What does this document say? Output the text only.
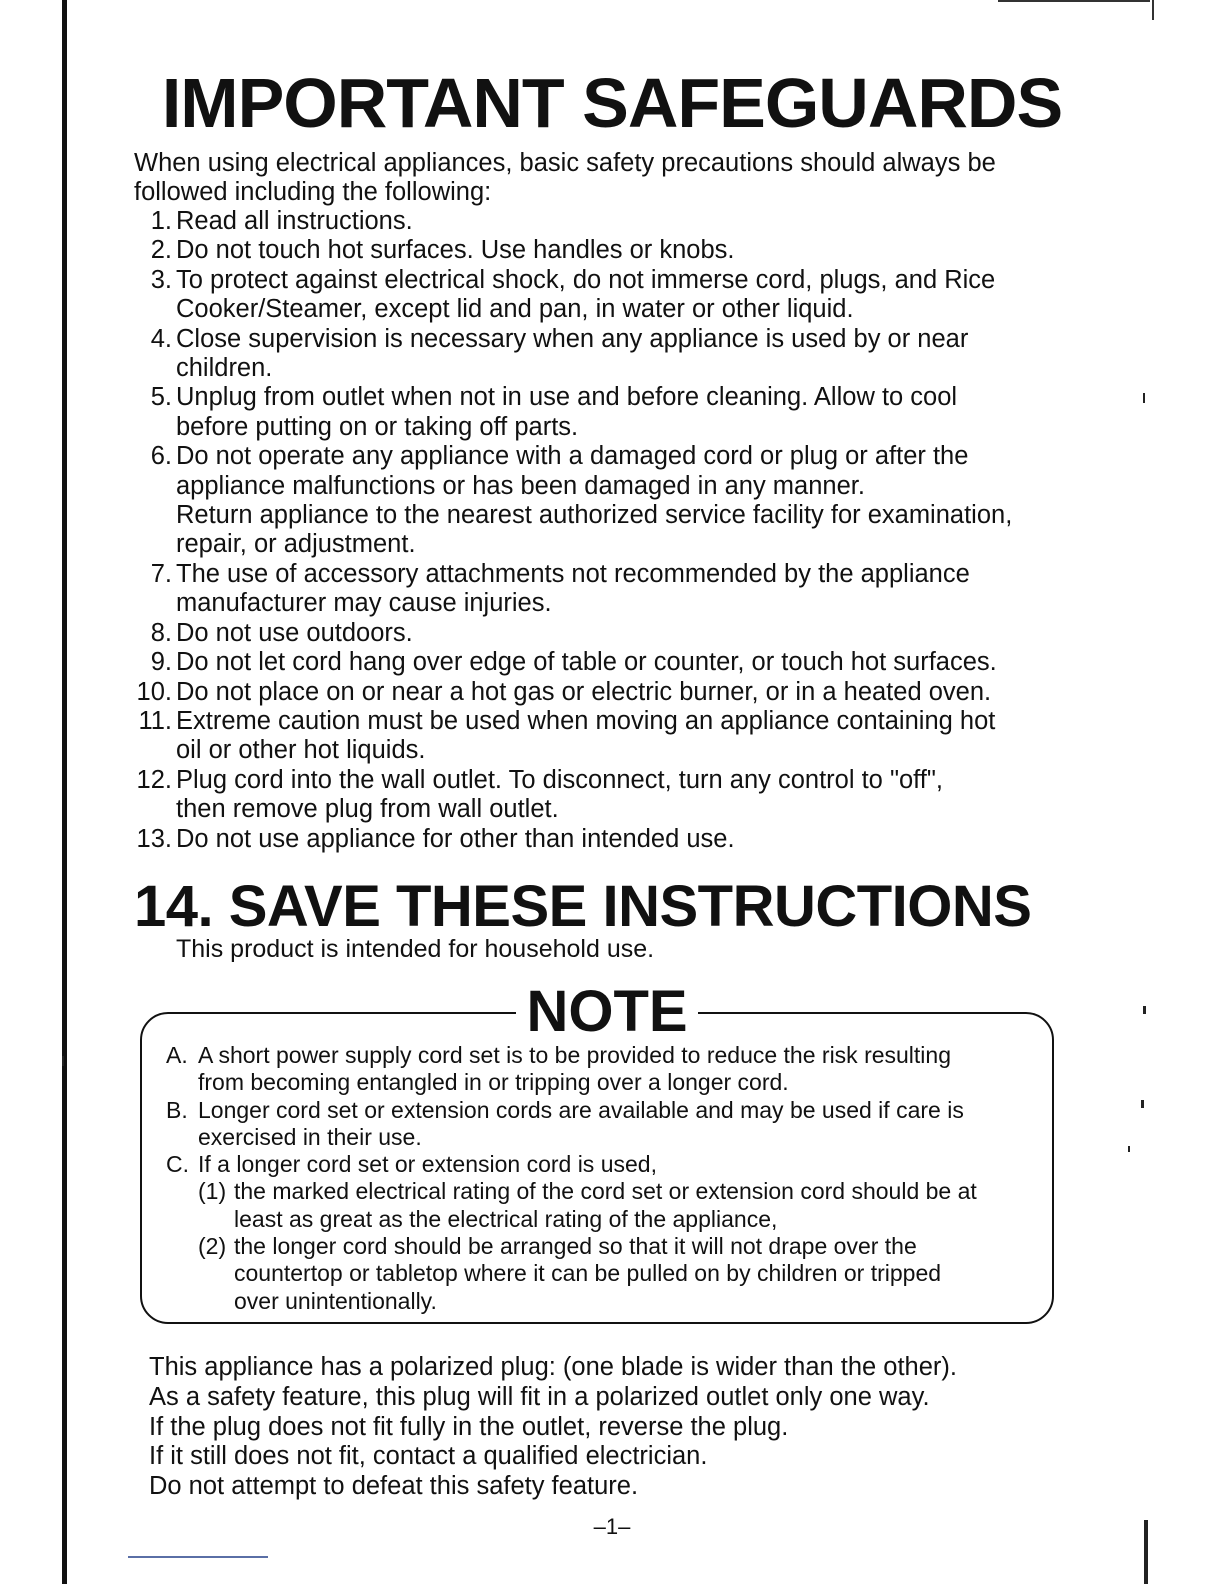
IMPORTANT SAFEGUARDS

When using electrical appliances, basic safety precautions should always be followed including the following:

1. Read all instructions.
2. Do not touch hot surfaces. Use handles or knobs.
3. To protect against electrical shock, do not immerse cord, plugs, and Rice
Cooker/Steamer, except lid and pan, in water or other liquid.
4. Close supervision is necessary when any appliance is used by or near
children.
5. Unplug from outlet when not in use and before cleaning. Allow to cool
before putting on or taking off parts.
6. Do not operate any appliance with a damaged cord or plug or after the
appliance malfunctions or has been damaged in any manner.
Return appliance to the nearest authorized service facility for examination,
repair, or adjustment.
7. The use of accessory attachments not recommended by the appliance
manufacturer may cause injuries.
8. Do not use outdoors.
9. Do not let cord hang over edge of table or counter, or touch hot surfaces.
10. Do not place on or near a hot gas or electric burner, or in a heated oven.
11. Extreme caution must be used when moving an appliance containing hot
oil or other hot liquids.
12. Plug cord into the wall outlet. To disconnect, turn any control to "off",
then remove plug from wall outlet.
13. Do not use appliance for other than intended use.
14. SAVE THESE INSTRUCTIONS

This product is intended for household use.

NOTE
A. A short power supply cord set is to be provided to reduce the risk resulting
from becoming entangled in or tripping over a longer cord.
B. Longer cord set or extension cords are available and may be used if care is
exercised in their use.
C. If a longer cord set or extension cord is used,
(1) the marked electrical rating of the cord set or extension cord should be at
least as great as the electrical rating of the appliance,
(2) the longer cord should be arranged so that it will not drape over the
countertop or tabletop where it can be pulled on by children or tripped
over unintentionally.
This appliance has a polarized plug: (one blade is wider than the other).
As a safety feature, this plug will fit in a polarized outlet only one way.
If the plug does not fit fully in the outlet, reverse the plug.
If it still does not fit, contact a qualified electrician.
Do not attempt to defeat this safety feature.
–1–
